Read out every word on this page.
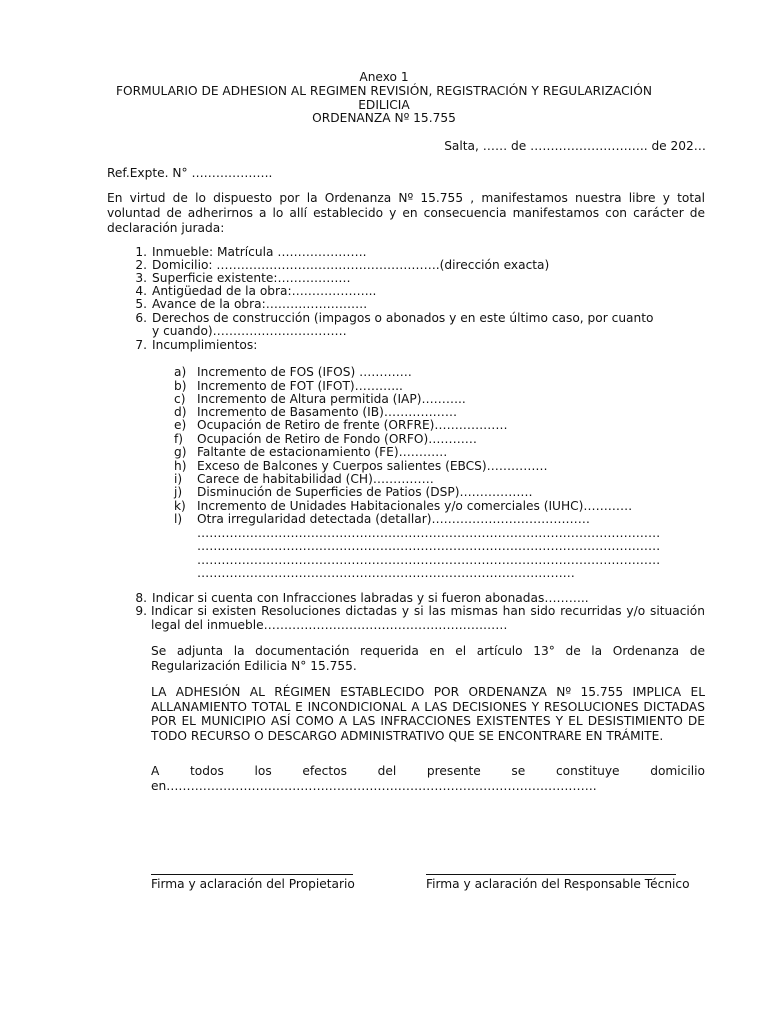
Anexo 1
FORMULARIO DE ADHESION AL REGIMEN REVISIÓN, REGISTRACIÓN Y REGULARIZACIÓN
EDILICIA
ORDENANZA Nº 15.755
Salta, …… de ……………………….. de 202…
Ref.Expte. N° ………………..
En virtud de lo dispuesto por la Ordenanza Nº 15.755 , manifestamos nuestra libre y total voluntad de adherirnos a lo allí establecido y en consecuencia manifestamos con carácter de declaración jurada:
1. Inmueble: Matrícula ………………….
2. Domicilio: ……………………………………………….(dirección exacta)
3. Superficie existente:………………
4. Antigüedad de la obra:………………...
5. Avance de la obra:…………………….
6. Derechos de construcción (impagos o abonados y en este último caso, por cuanto
y cuando)……………………………
7. Incumplimientos:
a) Incremento de FOS (IFOS) ………….
b) Incremento de FOT (IFOT)………...
c) Incremento de Altura permitida (IAP)………..
d) Incremento de Basamento (IB)………………
e) Ocupación de Retiro de frente (ORFRE)………………
f) Ocupación de Retiro de Fondo (ORFO)…………
g) Faltante de estacionamiento (FE)…………
h) Exceso de Balcones y Cuerpos salientes (EBCS)……………
i) Carece de habitabilidad (CH)……………
j) Disminución de Superficies de Patios (DSP)………………
k) Incremento de Unidades Habitacionales y/o comerciales (IUHC)…………
l) Otra irregularidad detectada (detallar)…………………………………
……………………………………………………………………………………………………
……………………………………………………………………………………………………
……………………………………………………………………………………………………
…………………………………………………………………………………
8. Indicar si cuenta con Infracciones labradas y si fueron abonadas………..
9. Indicar si existen Resoluciones dictadas y si las mismas han sido recurridas y/o situación legal del inmueble……………………………………………………
Se adjunta la documentación requerida en el artículo 13° de la Ordenanza de Regularización Edilicia N° 15.755.
LA ADHESIÓN AL RÉGIMEN ESTABLECIDO POR ORDENANZA Nº 15.755 IMPLICA EL ALLANAMIENTO TOTAL E INCONDICIONAL A LAS DECISIONES Y RESOLUCIONES DICTADAS POR EL MUNICIPIO ASÍ COMO A LAS INFRACCIONES EXISTENTES Y EL DESISTIMIENTO DE TODO RECURSO O DESCARGO ADMINISTRATIVO QUE SE ENCONTRARE EN TRÁMITE.
A todos los efectos del presente se constituye domicilio en…………………………………………………………………………………………….
Firma y aclaración del Propietario	Firma y aclaración del Responsable Técnico
